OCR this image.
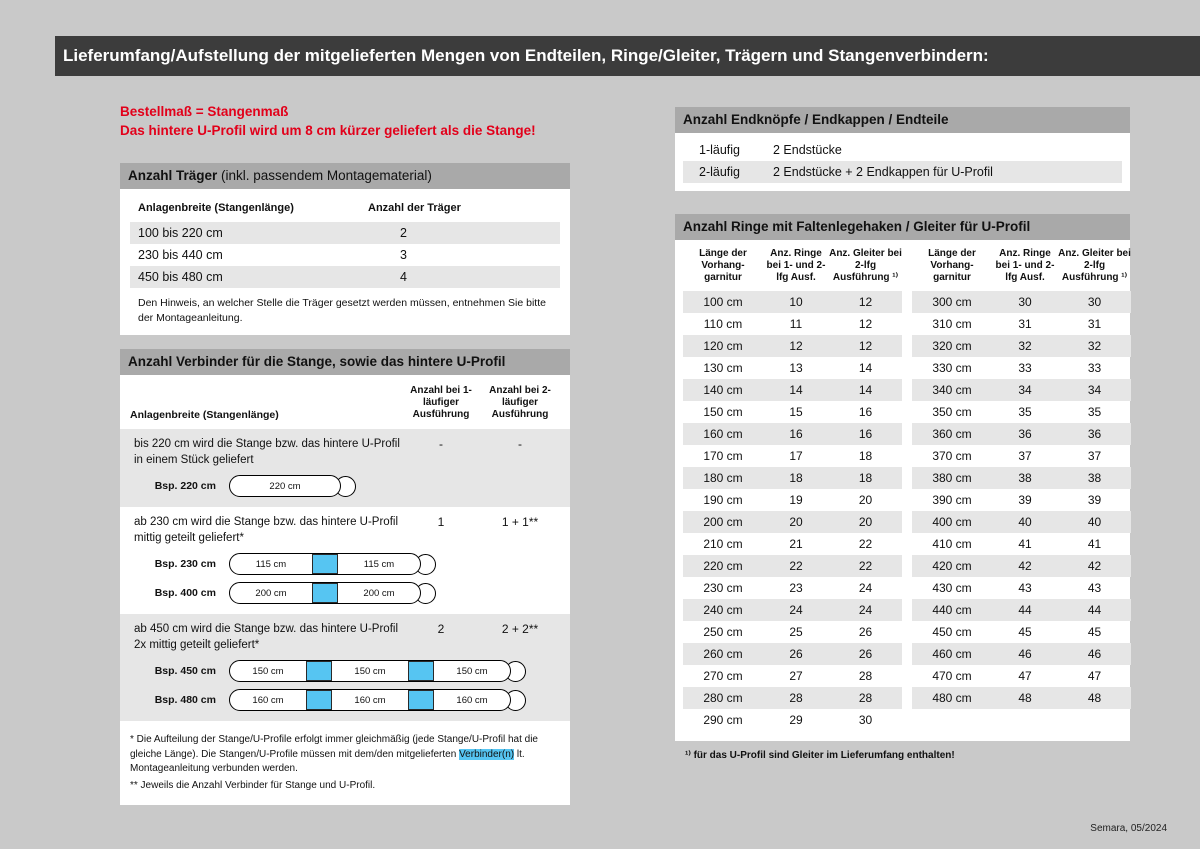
Lieferumfang/Aufstellung der mitgelieferten Mengen von Endteilen, Ringe/Gleiter, Trägern und Stangenverbindern:
Bestellmaß = Stangenmaß
Das hintere U-Profil wird um 8 cm kürzer geliefert als die Stange!
Anzahl Träger (inkl. passendem Montagematerial)
Anlagenbreite (Stangenlänge)	Anzahl der Träger
100 bis 220 cm	2
230 bis 440 cm	3
450 bis 480 cm	4
Den Hinweis, an welcher Stelle die Träger gesetzt werden müssen, entnehmen Sie bitte der Montageanleitung.
Anzahl Verbinder für die Stange, sowie das hintere U-Profil
Anlagenbreite (Stangenlänge)
Anzahl bei 1-läufiger Ausführung
Anzahl bei 2-läufiger Ausführung
bis 220 cm wird die Stange bzw. das hintere U-Profil in einem Stück geliefert
-	-
Bsp. 220 cm	220 cm
ab 230 cm wird die Stange bzw. das hintere U-Profil mittig geteilt geliefert*
1	1 + 1**
Bsp. 230 cm	115 cm	115 cm
Bsp. 400 cm	200 cm	200 cm
ab 450 cm wird die Stange bzw. das hintere U-Profil 2x mittig geteilt geliefert*
2	2 + 2**
Bsp. 450 cm	150 cm	150 cm	150 cm
Bsp. 480 cm	160 cm	160 cm	160 cm

* Die Aufteilung der Stange/U-Profile erfolgt immer gleichmäßig (jede Stange/U-Profil hat die gleiche Länge). Die Stangen/U-Profile müssen mit dem/den mitgelieferten Verbinder(n) lt. Montageanleitung verbunden werden.

** Jeweils die Anzahl Verbinder für Stange und U-Profil.

Anzahl Endknöpfe / Endkappen / Endteile
1-läufig	2 Endstücke
2-läufig	2 Endstücke + 2 Endkappen für U-Profil
Anzahl Ringe mit Faltenlegehaken / Gleiter für U-Profil
Länge der Vorhang-garnitur
Anz. Ringe bei 1- und 2-lfg Ausf.
Anz. Gleiter bei 2-lfg Ausführung ¹⁾
100 cm	10	12
110 cm	11	12
120 cm	12	12
130 cm	13	14
140 cm	14	14
150 cm	15	16
160 cm	16	16
170 cm	17	18
180 cm	18	18
190 cm	19	20
200 cm	20	20
210 cm	21	22
220 cm	22	22
230 cm	23	24
240 cm	24	24
250 cm	25	26
260 cm	26	26
270 cm	27	28
280 cm	28	28
290 cm	29	30
Länge der Vorhang-garnitur
Anz. Ringe bei 1- und 2-lfg Ausf.
Anz. Gleiter bei 2-lfg Ausführung ¹⁾
300 cm	30	30
310 cm	31	31
320 cm	32	32
330 cm	33	33
340 cm	34	34
350 cm	35	35
360 cm	36	36
370 cm	37	37
380 cm	38	38
390 cm	39	39
400 cm	40	40
410 cm	41	41
420 cm	42	42
430 cm	43	43
440 cm	44	44
450 cm	45	45
460 cm	46	46
470 cm	47	47
480 cm	48	48
¹⁾ für das U-Profil sind Gleiter im Lieferumfang enthalten!
Semara, 05/2024
